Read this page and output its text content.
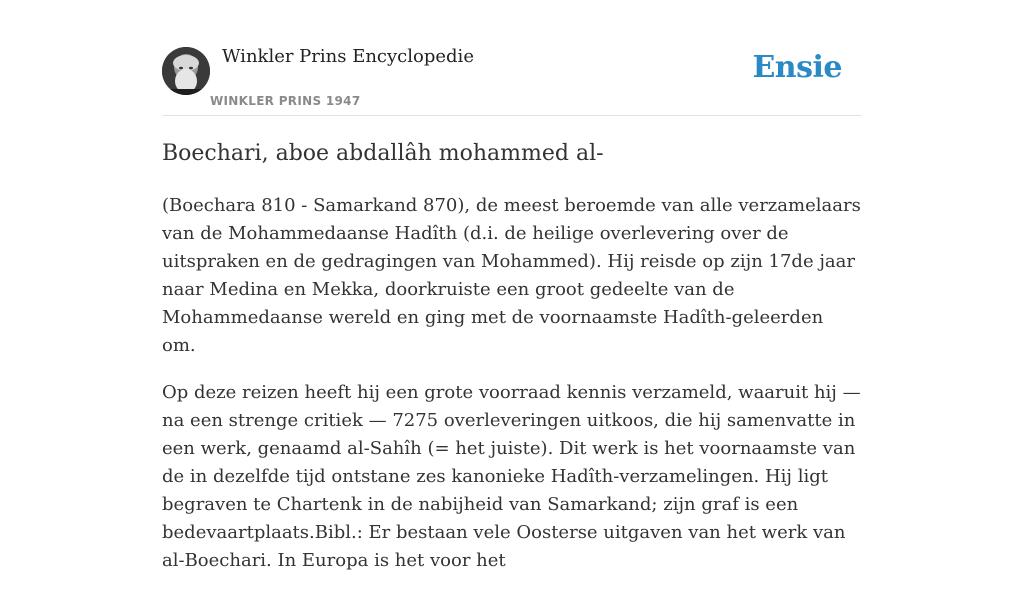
Winkler Prins Encyclopedie
WINKLER PRINS 1947
Ensie
Boechari, aboe abdallâh mohammed al-

(Boechara 810 - Samarkand 870), de meest beroemde van alle verzamelaars van de Mohammedaanse Hadîth (d.i. de heilige overlevering over de uitspraken en de gedragingen van Mohammed). Hij reisde op zijn 17de jaar naar Medina en Mekka, doorkruiste een groot gedeelte van de Mohammedaanse wereld en ging met de voornaamste Hadîth-geleerden om.

Op deze reizen heeft hij een grote voorraad kennis verzameld, waaruit hij — na een strenge critiek — 7275 overleveringen uitkoos, die hij samenvatte in een werk, genaamd al-Sahîh (= het juiste). Dit werk is het voornaamste van de in dezelfde tijd ontstane zes kanonieke Hadîth-verzamelingen. Hij ligt begraven te Chartenk in de nabijheid van Samarkand; zijn graf is een bedevaartplaats.Bibl.: Er bestaan vele Oosterse uitgaven van het werk van al-Boechari. In Europa is het voor het
